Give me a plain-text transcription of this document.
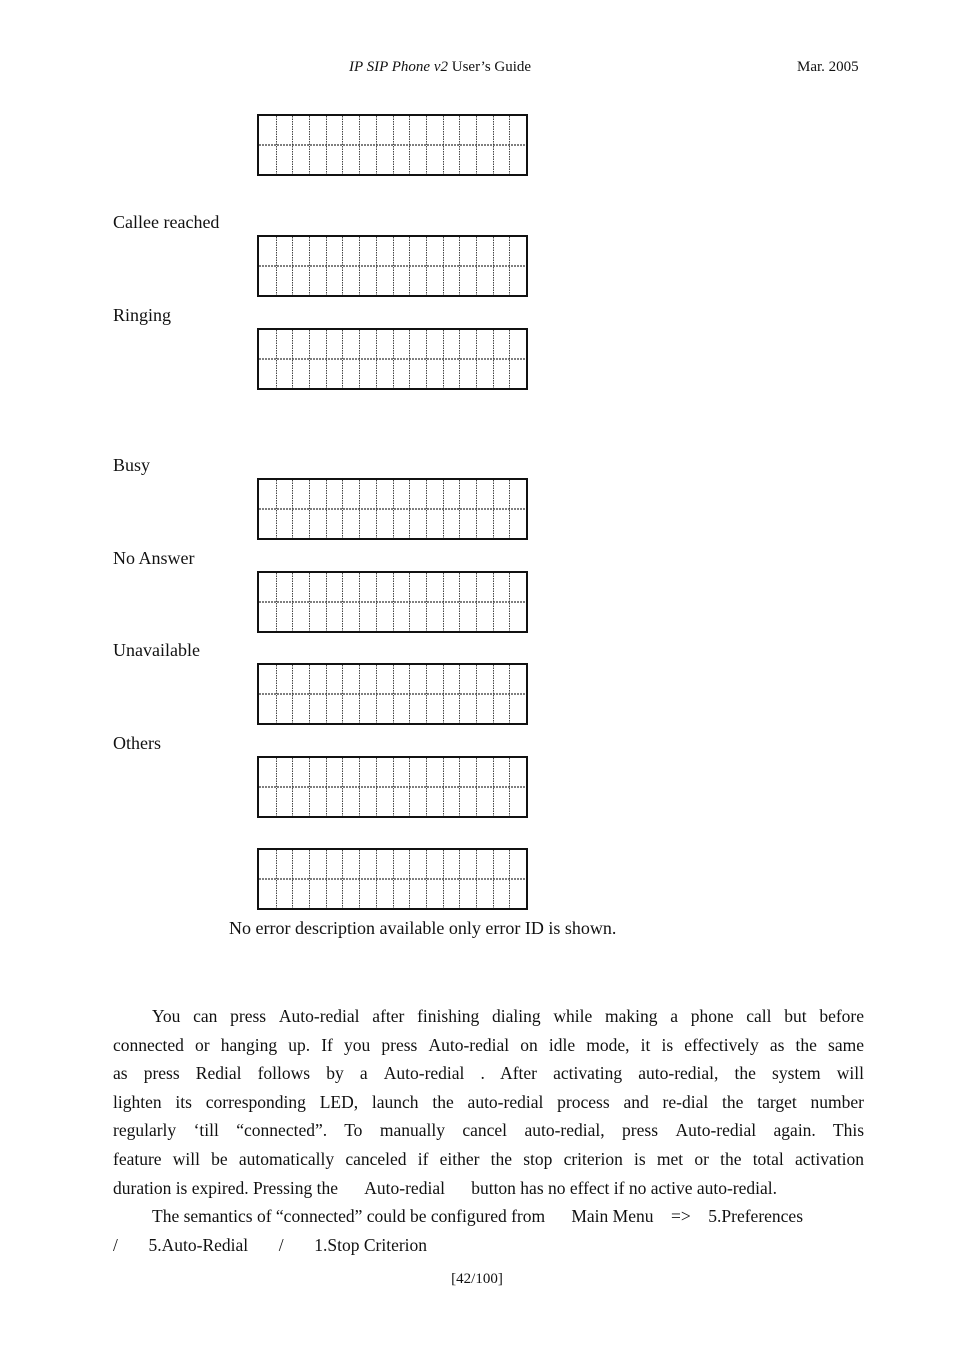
IP SIP Phone v2 User’s Guide	Mar. 2005
Callee reached
Ringing
Busy
No Answer
Unavailable
Others
No error description available only error ID is shown.
You can press Auto-redial after finishing dialing while making a phone call but before
connected or hanging up. If you press Auto-redial on idle mode, it is effectively as the same
as press Redial follows by a Auto-redial . After activating auto-redial, the system will
lighten its corresponding LED, launch the auto-redial process and re-dial the target number
regularly ‘till “connected”. To manually cancel auto-redial, press Auto-redial again. This
feature will be automatically canceled if either the stop criterion is met or the total activation
duration is expired. Pressing the Auto-redial button has no effect if no active auto-redial.
The semantics of “connected” could be configured from Main Menu => 5.Preferences
/ 5.Auto-Redial / 1.Stop Criterion
[42/100]
